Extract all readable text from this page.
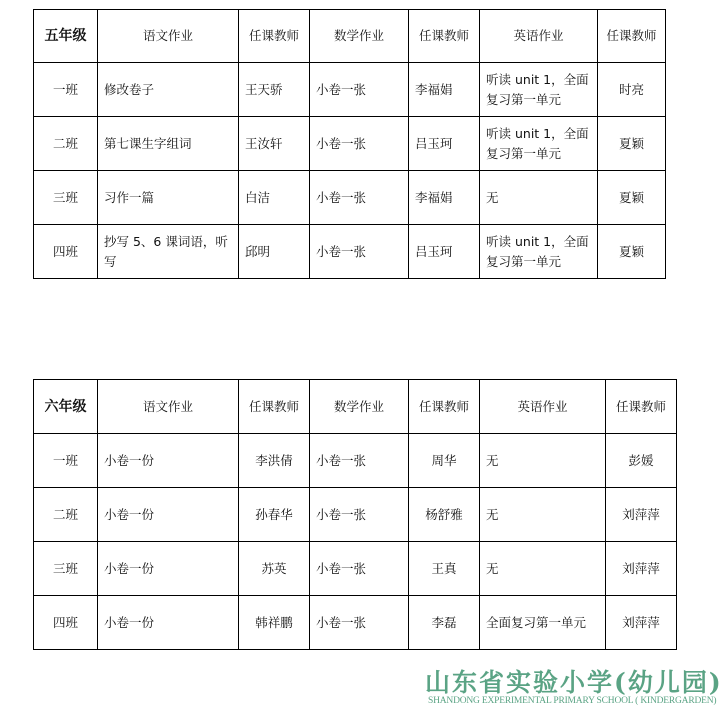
五年级	语文作业	任课教师	数学作业	任课教师	英语作业	任课教师
一班	修改卷子	王天骄	小卷一张	李福娟	听读 unit 1，全面复习第一单元	时亮
二班	第七课生字组词	王汝轩	小卷一张	吕玉珂	听读 unit 1，全面复习第一单元	夏颖
三班	习作一篇	白洁	小卷一张	李福娟	无	夏颖
四班	抄写 5、6 课词语，听写	邱明	小卷一张	吕玉珂	听读 unit 1，全面复习第一单元	夏颖
六年级	语文作业	任课教师	数学作业	任课教师	英语作业	任课教师
一班	小卷一份	李洪倩	小卷一张	周华	无	彭媛
二班	小卷一份	孙春华	小卷一张	杨舒雅	无	刘萍萍
三班	小卷一份	苏英	小卷一张	王真	无	刘萍萍
四班	小卷一份	韩祥鹏	小卷一张	李磊	全面复习第一单元	刘萍萍
山东省实验小学(幼儿园)
SHANDONG EXPERIMENTAL PRIMARY SCHOOL ( KINDERGARDEN)
